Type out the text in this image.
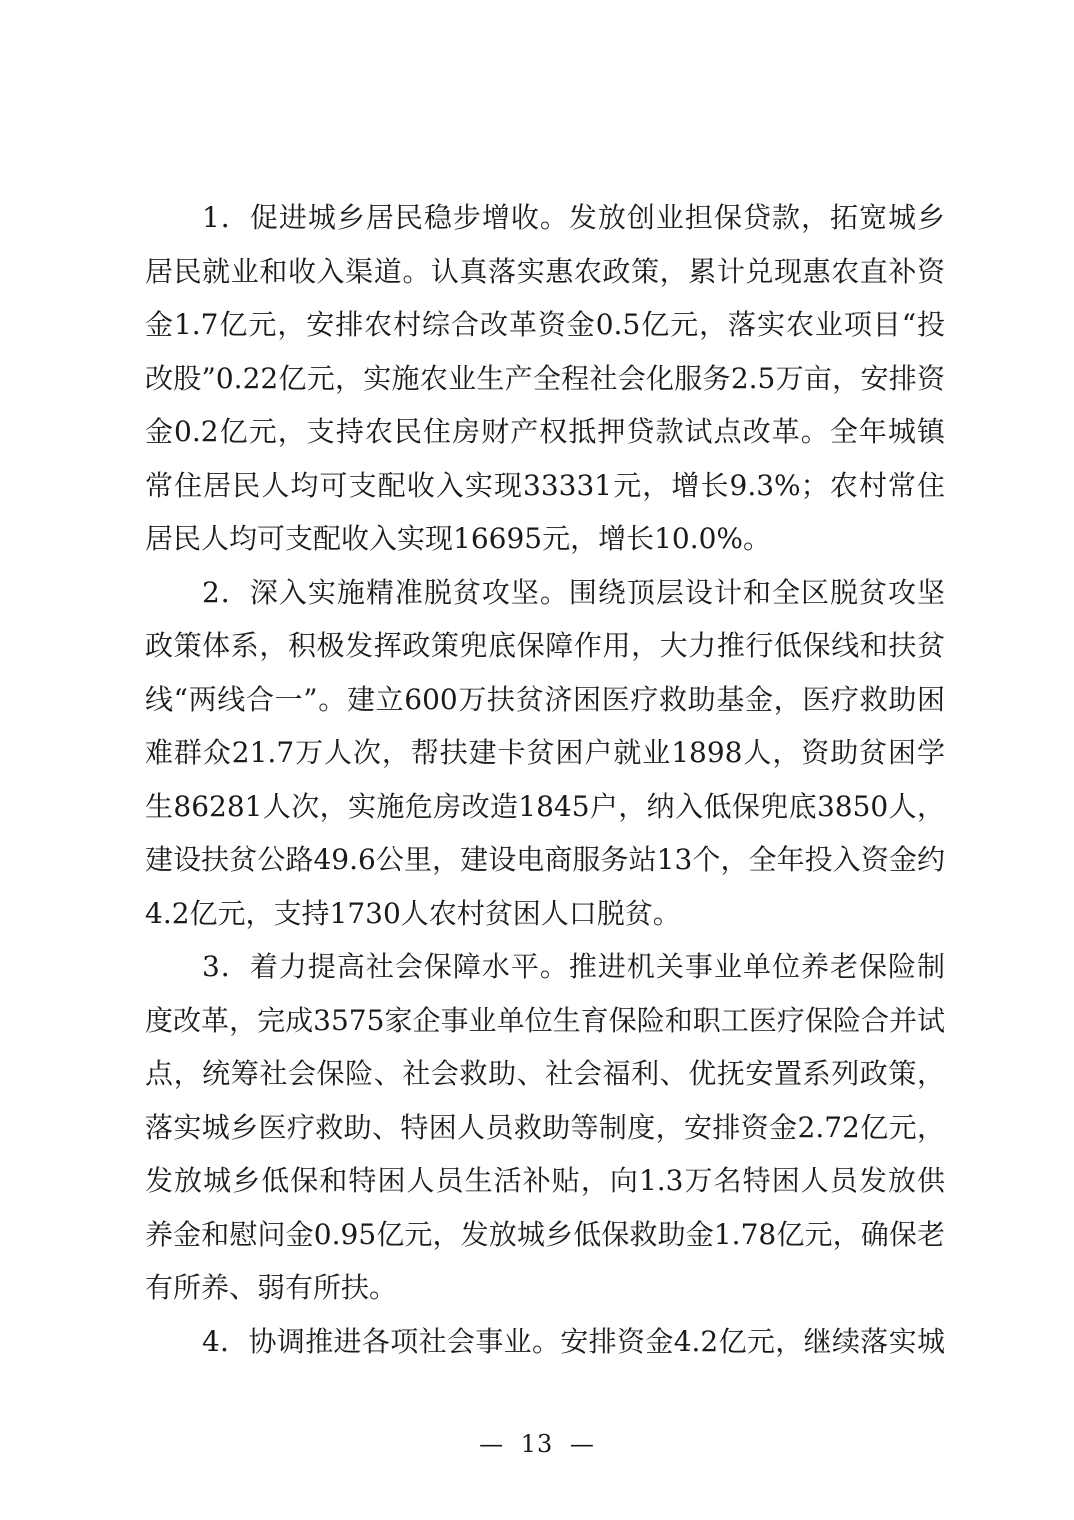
1．促进城乡居民稳步增收。发放创业担保贷款，拓宽城乡居民就业和收入渠道。认真落实惠农政策，累计兑现惠农直补资金1.7亿元，安排农村综合改革资金0.5亿元，落实农业项目“投改股”0.22亿元，实施农业生产全程社会化服务2.5万亩，安排资金0.2亿元，支持农民住房财产权抵押贷款试点改革。全年城镇常住居民人均可支配收入实现33331元，增长9.3%；农村常住居民人均可支配收入实现16695元，增长10.0%。

2．深入实施精准脱贫攻坚。围绕顶层设计和全区脱贫攻坚政策体系，积极发挥政策兜底保障作用，大力推行低保线和扶贫线“两线合一”。建立600万扶贫济困医疗救助基金，医疗救助困难群众21.7万人次，帮扶建卡贫困户就业1898人，资助贫困学生86281人次，实施危房改造1845户，纳入低保兜底3850人，建设扶贫公路49.6公里，建设电商服务站13个，全年投入资金约4.2亿元，支持1730人农村贫困人口脱贫。

3．着力提高社会保障水平。推进机关事业单位养老保险制度改革，完成3575家企事业单位生育保险和职工医疗保险合并试点，统筹社会保险、社会救助、社会福利、优抚安置系列政策，落实城乡医疗救助、特困人员救助等制度，安排资金2.72亿元，发放城乡低保和特困人员生活补贴，向1.3万名特困人员发放供养金和慰问金0.95亿元，发放城乡低保救助金1.78亿元，确保老有所养、弱有所扶。

4．协调推进各项社会事业。安排资金4.2亿元，继续落实城

— 13 —
